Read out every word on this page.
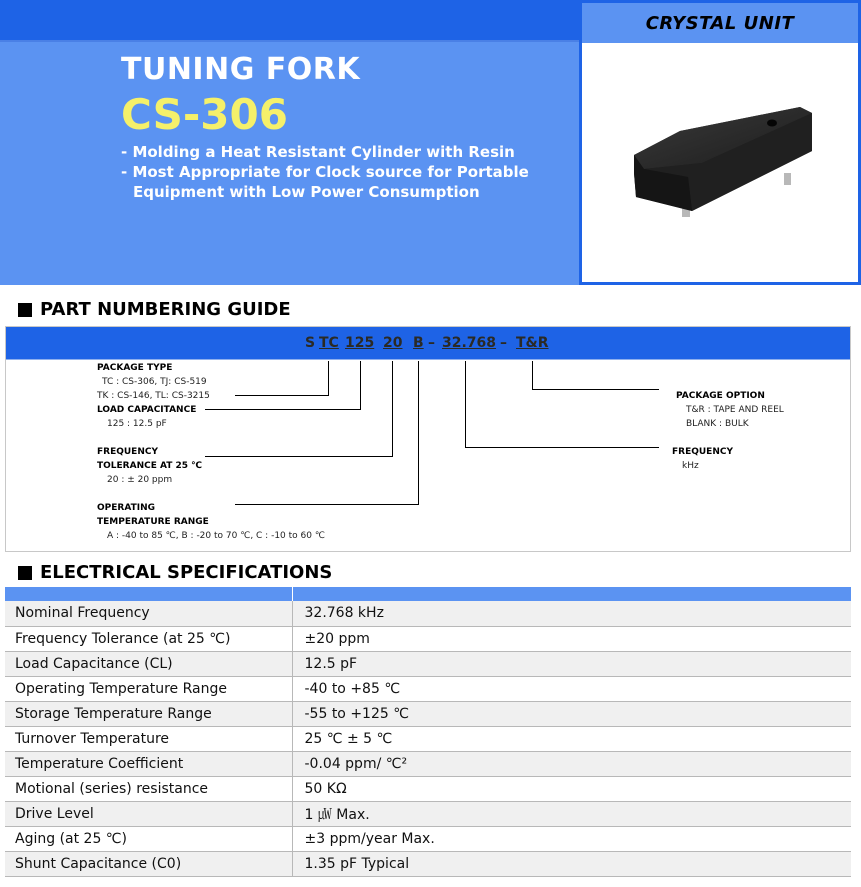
TUNING FORK
CS-306
- Molding a Heat Resistant Cylinder with Resin
- Most Appropriate for Clock source for Portable
Equipment with Low Power Consumption
CRYSTAL UNIT
PART NUMBERING GUIDE
S TC 125 20 B – 32.768 – T&R
PACKAGE TYPE
TC : CS-306, TJ: CS-519
TK : CS-146, TL: CS-3215
LOAD CAPACITANCE
125 : 12.5 pF
FREQUENCY
TOLERANCE AT 25 ℃
20 : ± 20 ppm
OPERATING
TEMPERATURE RANGE
A : -40 to 85 ℃, B : -20 to 70 ℃, C : -10 to 60 ℃
PACKAGE OPTION
T&R : TAPE AND REEL
BLANK : BULK
FREQUENCY
kHz
ELECTRICAL SPECIFICATIONS

Nominal Frequency	32.768 kHz
Frequency Tolerance (at 25 ℃)	±20 ppm
Load Capacitance (CL)	12.5 pF
Operating Temperature Range	-40 to +85 ℃
Storage Temperature Range	-55 to +125 ℃
Turnover Temperature	25 ℃ ± 5 ℃
Temperature Coefficient	-0.04 ppm/ ℃²
Motional (series) resistance	50 KΩ
Drive Level	1 ㎼ Max.
Aging (at 25 ℃)	±3 ppm/year Max.
Shunt Capacitance (C0)	1.35 pF Typical
